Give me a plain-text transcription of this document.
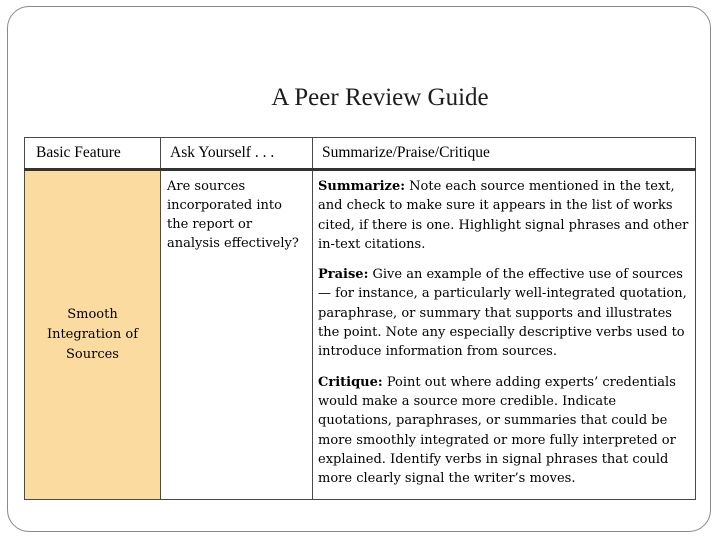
A Peer Review Guide
Basic Feature	Ask Yourself . . .	Summarize/Praise/Critique

Smooth Integration of Sources	Are sources incorporated into the report or analysis effectively?	Summarize: Note each source mentioned in the text, and check to make sure it appears in the list of works cited, if there is one. Highlight signal phrases and other in-text citations.

Praise: Give an example of the effective use of sources — for instance, a particularly well-integrated quotation, paraphrase, or summary that supports and illustrates the point. Note any especially descriptive verbs used to introduce information from sources.

Critique: Point out where adding experts’ credentials would make a source more credible. Indicate quotations, paraphrases, or summaries that could be more smoothly integrated or more fully interpreted or explained. Identify verbs in signal phrases that could more clearly signal the writer’s moves.
